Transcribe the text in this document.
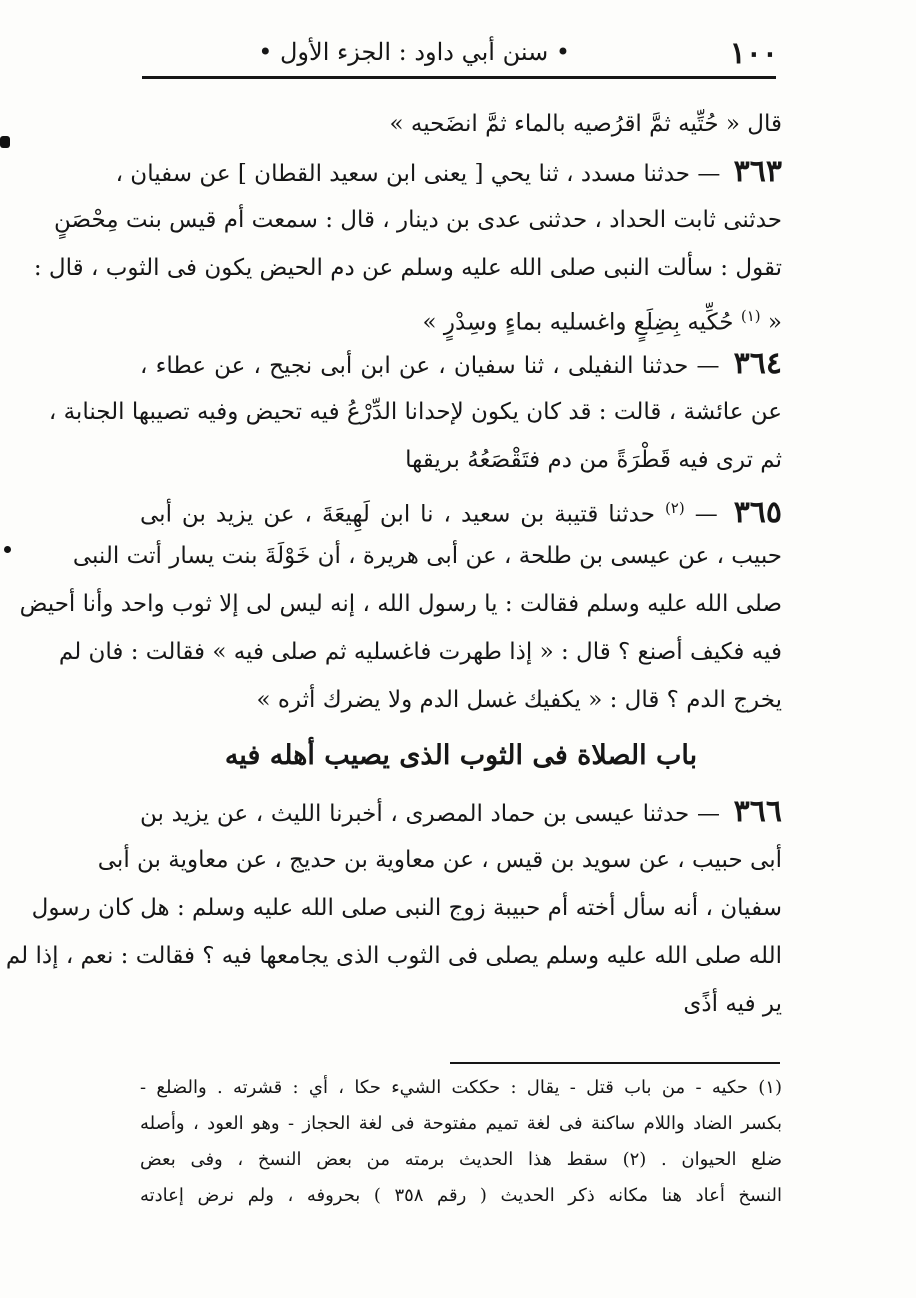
١٠٠
• سنن أبي داود : الجزء الأول •
قال « حُتِّيه ثمَّ اقرُصيه بالماء ثمَّ انضَحيه »
٣٦٣ — حدثنا مسدد ، ثنا يحي [ يعنى ابن سعيد القطان ] عن سفيان ،
حدثنى ثابت الحداد ، حدثنى عدى بن دينار ، قال : سمعت أم قيس بنت مِحْصَنٍ
تقول : سألت النبى صلى الله عليه وسلم عن دم الحيض يكون فى الثوب ، قال :
« $^{(١)}$ حُكِّيه بِضِلَعٍ واغسليه بماءٍ وسِدْرٍ »
٣٦٤ — حدثنا النفيلى ، ثنا سفيان ، عن ابن أبى نجيح ، عن عطاء ،
عن عائشة ، قالت : قد كان يكون لإحدانا الدِّرْعُ فيه تحيض وفيه تصيبها الجنابة ،
ثم ترى فيه قَطْرَةً من دم فتَقْصَعُهُ بريقها
٣٦٥ — $^{(٢)}$ حدثنا قتيبة بن سعيد ، نا ابن لَهِيعَةَ ، عن يزيد بن أبى
حبيب ، عن عيسى بن طلحة ، عن أبى هريرة ، أن خَوْلَةَ بنت يسار أتت النبى
صلى الله عليه وسلم فقالت : يا رسول الله ، إنه ليس لى إلا ثوب واحد وأنا أحيض
فيه فكيف أصنع ؟ قال : « إذا طهرت فاغسليه ثم صلى فيه » فقالت : فان لم
يخرج الدم ؟ قال : « يكفيك غسل الدم ولا يضرك أثره »
باب الصلاة فى الثوب الذى يصيب أهله فيه
٣٦٦ — حدثنا عيسى بن حماد المصرى ، أخبرنا الليث ، عن يزيد بن
أبى حبيب ، عن سويد بن قيس ، عن معاوية بن حديج ، عن معاوية بن أبى
سفيان ، أنه سأل أخته أم حبيبة زوج النبى صلى الله عليه وسلم : هل كان رسول
الله صلى الله عليه وسلم يصلى فى الثوب الذى يجامعها فيه ؟ فقالت : نعم ، إذا لم
ير فيه أذًى
(١) حكيه - من باب قتل - يقال : حككت الشيء حكا ، أي : قشرته . والضلع -
بكسر الضاد واللام ساكنة فى لغة تميم مفتوحة فى لغة الحجاز - وهو العود ، وأصله
ضلع الحيوان . (٢) سقط هذا الحديث برمته من بعض النسخ ، وفى بعض
النسخ أعاد هنا مكانه ذكر الحديث ( رقم ٣٥٨ ) بحروفه ، ولم نرض إعادته
